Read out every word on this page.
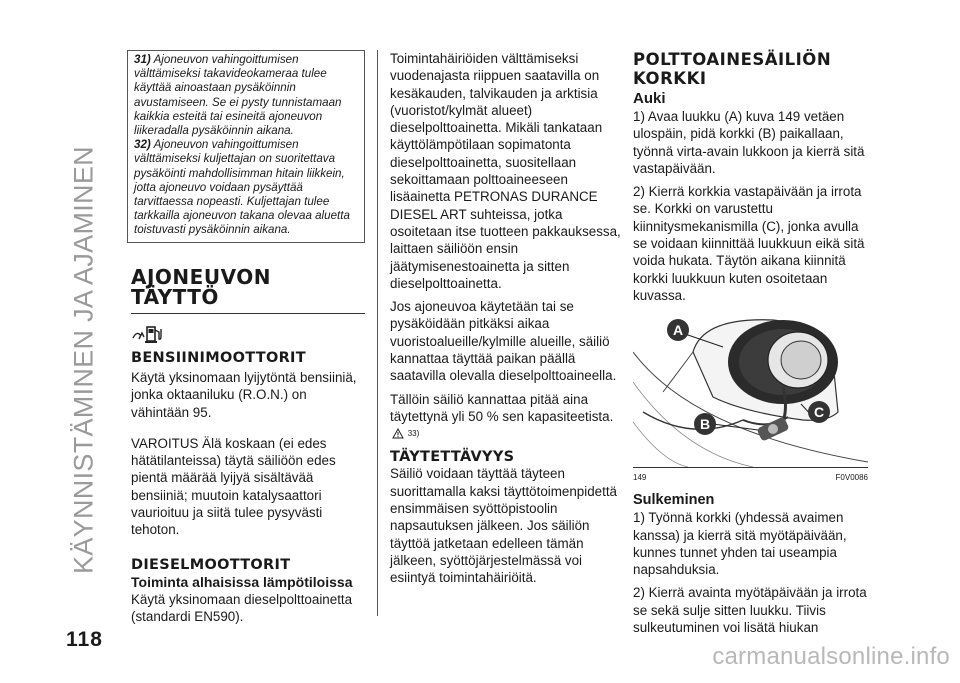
KÄYNNISTÄMINEN JA AJAMINEN

31) Ajoneuvon vahingoittumisen välttämiseksi takavideokameraa tulee käyttää ainoastaan pysäköinnin avustamiseen. Se ei pysty tunnistamaan kaikkia esteitä tai esineitä ajoneuvon liikeradalla pysäköinnin aikana.

32) Ajoneuvon vahingoittumisen välttämiseksi kuljettajan on suoritettava pysäköinti mahdollisimman hitain liikkein, jotta ajoneuvo voidaan pysäyttää tarvittaessa nopeasti. Kuljettajan tulee tarkkailla ajoneuvon takana olevaa aluetta toistuvasti pysäköinnin aikana.

AJONEUVON
TÄYTTÖ
BENSIINIMOOTTORIT

Käytä yksinomaan lyijytöntä bensiiniä, jonka oktaaniluku (R.O.N.) on vähintään 95.

VAROITUS Älä koskaan (ei edes hätätilanteissa) täytä säiliöön edes pientä määrää lyijyä sisältävää bensiiniä; muutoin katalysaattori vaurioituu ja siitä tulee pysyvästi tehoton.

DIESELMOOTTORIT

Toiminta alhaisissa lämpötiloissa

Käytä yksinomaan dieselpolttoainetta (standardi EN590).

Toimintahäiriöiden välttämiseksi vuodenajasta riippuen saatavilla on kesäkauden, talvikauden ja arktisia (vuoristot/kylmät alueet) dieselpolttoainetta. Mikäli tankataan käyttölämpötilaan sopimatonta dieselpolttoainetta, suositellaan sekoittamaan polttoaineeseen lisäainetta PETRONAS DURANCE DIESEL ART suhteissa, jotka osoitetaan itse tuotteen pakkauksessa, laittaen säiliöön ensin jäätymisenestoainetta ja sitten dieselpolttoainetta.

Jos ajoneuvoa käytetään tai se pysäköidään pitkäksi aikaa vuoristoalueille/kylmille alueille, säiliö kannattaa täyttää paikan päällä saatavilla olevalla dieselpolttoaineella.

Tällöin säiliö kannattaa pitää aina täytettynä yli 50 % sen kapasiteetista.
$^{33)}$

TÄYTETTÄVYYS

Säiliö voidaan täyttää täyteen suorittamalla kaksi täyttötoimenpidettä ensimmäisen syöttöpistoolin napsautuksen jälkeen. Jos säiliön täyttöä jatketaan edelleen tämän jälkeen, syöttöjärjestelmässä voi esiintyä toimintahäiriöitä.

POLTTOAINESÄILIÖN
KORKKI

Auki

1) Avaa luukku (A) kuva 149 vetäen ulospäin, pidä korkki (B) paikallaan, työnnä virta-avain lukkoon ja kierrä sitä vastapäivään.

2) Kierrä korkkia vastapäivään ja irrota se. Korkki on varustettu kiinnitysmekanismilla (C), jonka avulla se voidaan kiinnittää luukkuun eikä sitä voida hukata. Täytön aikana kiinnitä korkki luukkuun kuten osoitetaan kuvassa.

A
B
C
149	F0V0086

Sulkeminen

1) Työnnä korkki (yhdessä avaimen kanssa) ja kierrä sitä myötäpäivään, kunnes tunnet yhden tai useampia napsahduksia.

2) Kierrä avainta myötäpäivään ja irrota se sekä sulje sitten luukku. Tiivis sulkeutuminen voi lisätä hiukan

118
carmanualsonline.info
